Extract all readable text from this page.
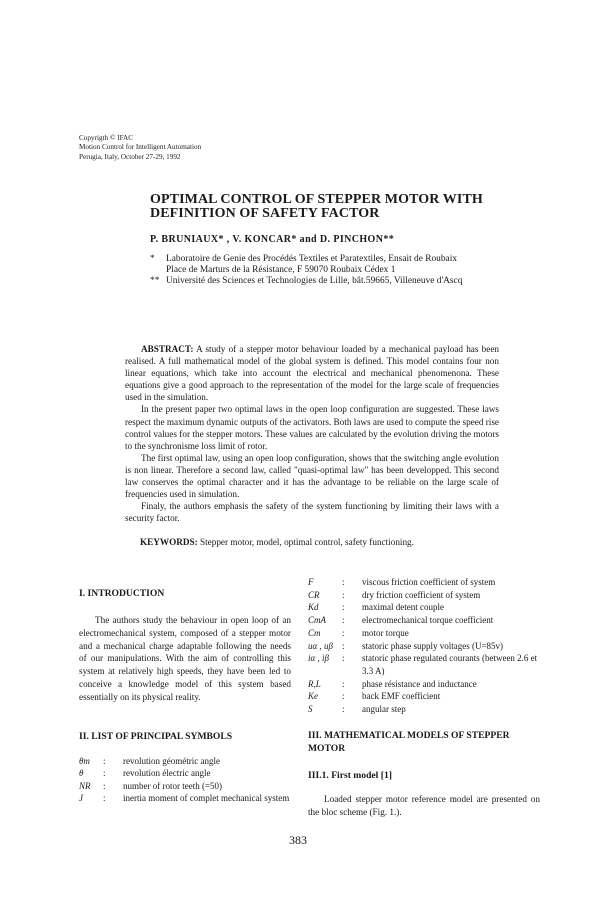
Copyrigth © IFAC
Motion Control for Intelligent Automation
Perugia, Italy, October 27-29, 1992
OPTIMAL CONTROL OF STEPPER MOTOR WITH
DEFINITION OF SAFETY FACTOR
P. BRUNIAUX* , V. KONCAR* and D. PINCHON**
*	Laboratoire de Genie des Procédés Textiles et Paratextiles, Ensait de Roubaix
Place de Marturs de la Résistance, F 59070 Roubaix Cédex 1
** Université des Sciences et Technologies de Lille, bât.59665, Villeneuve d'Ascq

ABSTRACT: A study of a stepper motor behaviour loaded by a mechanical payload has been realised. A full mathematical model of the global system is defined. This model contains four non linear equations, which take into account the electrical and mechanical phenomenona. These equations give a good approach to the representation of the model for the large scale of frequencies used in the simulation.

In the present paper two optimal laws in the open loop configuration are suggested. These laws respect the maximum dynamic outputs of the activators. Both laws are used to compute the speed rise control values for the stepper motors. These values are calculated by the evolution driving the motors to the synchronisme loss limit of rotor.

The first optimal law, using an open loop configuration, shows that the switching angle evolution is non linear. Therefore a second law, called "quasi-optimal law" has been developped. This second law conserves the optimal character and it has the advantage to be reliable on the large scale of frequencies used in simulation.

Finaly, the authors emphasis the safety of the system functioning by limiting their laws with a security factor.

KEYWORDS: Stepper motor, model, optimal control, safety functioning.
I. INTRODUCTION

The authors study the behaviour in open loop of an electromechanical system, composed of a stepper motor and a mechanical charge adaptable following the needs of our manipulations. With the aim of controlling this system at relatively high speeds, they have been led to conceive a knowledge model of this system based essentially on its physical reality.

II. LIST OF PRINCIPAL SYMBOLS
θm	:	revolution géométric angle
θ	:	revolution électric angle
NR	:	number of rotor teeth (=50)
J	:	inertia moment of complet mechanical system
F	:	viscous friction coefficient of system
CR	:	dry friction coefficient of system
Kd	:	maximal detent couple
CmA	:	electromechanical torque coefficient
Cm	:	motor torque
uα , uβ	:	statoric phase supply voltages (U=85v)
iα , iβ	:	statoric phase regulated courants (between 2.6 et 3.3 A)
R,L	:	phase résistance and inductance
Ke	:	back EMF coefficient
S	:	angular step
III. MATHEMATICAL MODELS OF STEPPER MOTOR
III.1. First model [1]

Loaded stepper motor reference model are presented on the bloc scheme (Fig. 1.).

383
